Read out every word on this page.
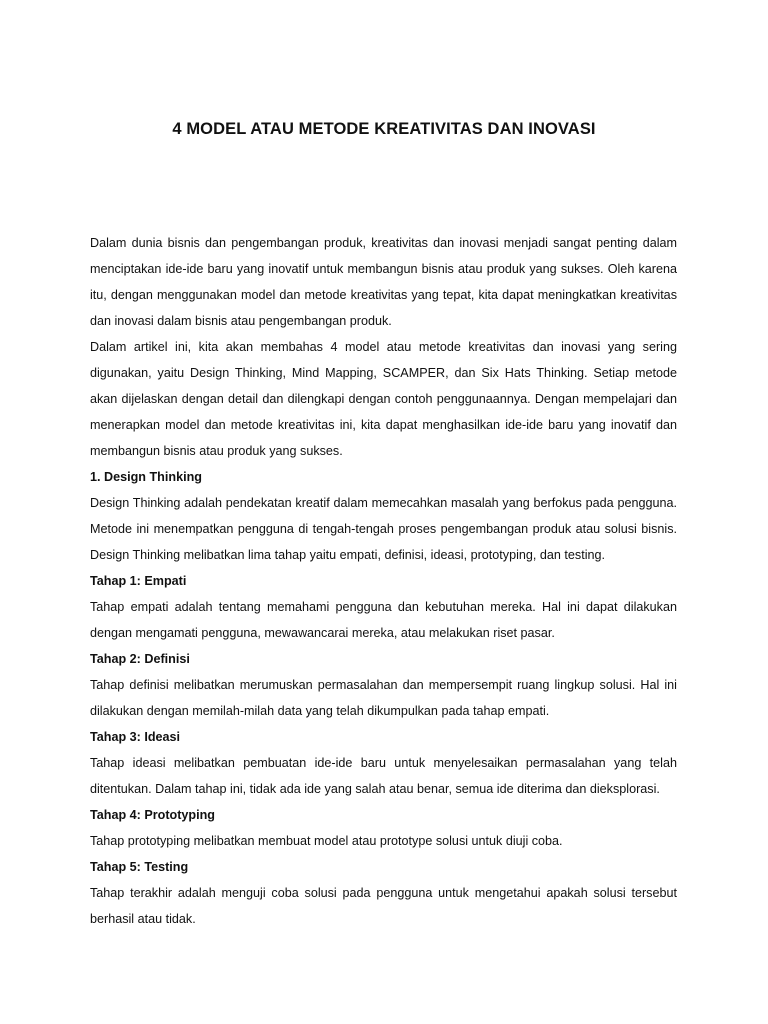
4 MODEL ATAU METODE KREATIVITAS DAN INOVASI

Dalam dunia bisnis dan pengembangan produk, kreativitas dan inovasi menjadi sangat penting dalam menciptakan ide-ide baru yang inovatif untuk membangun bisnis atau produk yang sukses. Oleh karena itu, dengan menggunakan model dan metode kreativitas yang tepat, kita dapat meningkatkan kreativitas dan inovasi dalam bisnis atau pengembangan produk.

Dalam artikel ini, kita akan membahas 4 model atau metode kreativitas dan inovasi yang sering digunakan, yaitu Design Thinking, Mind Mapping, SCAMPER, dan Six Hats Thinking. Setiap metode akan dijelaskan dengan detail dan dilengkapi dengan contoh penggunaannya. Dengan mempelajari dan menerapkan model dan metode kreativitas ini, kita dapat menghasilkan ide-ide baru yang inovatif dan membangun bisnis atau produk yang sukses.

1. Design Thinking

Design Thinking adalah pendekatan kreatif dalam memecahkan masalah yang berfokus pada pengguna. Metode ini menempatkan pengguna di tengah-tengah proses pengembangan produk atau solusi bisnis. Design Thinking melibatkan lima tahap yaitu empati, definisi, ideasi, prototyping, dan testing.

Tahap 1: Empati

Tahap empati adalah tentang memahami pengguna dan kebutuhan mereka. Hal ini dapat dilakukan dengan mengamati pengguna, mewawancarai mereka, atau melakukan riset pasar.

Tahap 2: Definisi

Tahap definisi melibatkan merumuskan permasalahan dan mempersempit ruang lingkup solusi. Hal ini dilakukan dengan memilah-milah data yang telah dikumpulkan pada tahap empati.

Tahap 3: Ideasi

Tahap ideasi melibatkan pembuatan ide-ide baru untuk menyelesaikan permasalahan yang telah ditentukan. Dalam tahap ini, tidak ada ide yang salah atau benar, semua ide diterima dan dieksplorasi.

Tahap 4: Prototyping

Tahap prototyping melibatkan membuat model atau prototype solusi untuk diuji coba.

Tahap 5: Testing

Tahap terakhir adalah menguji coba solusi pada pengguna untuk mengetahui apakah solusi tersebut berhasil atau tidak.
